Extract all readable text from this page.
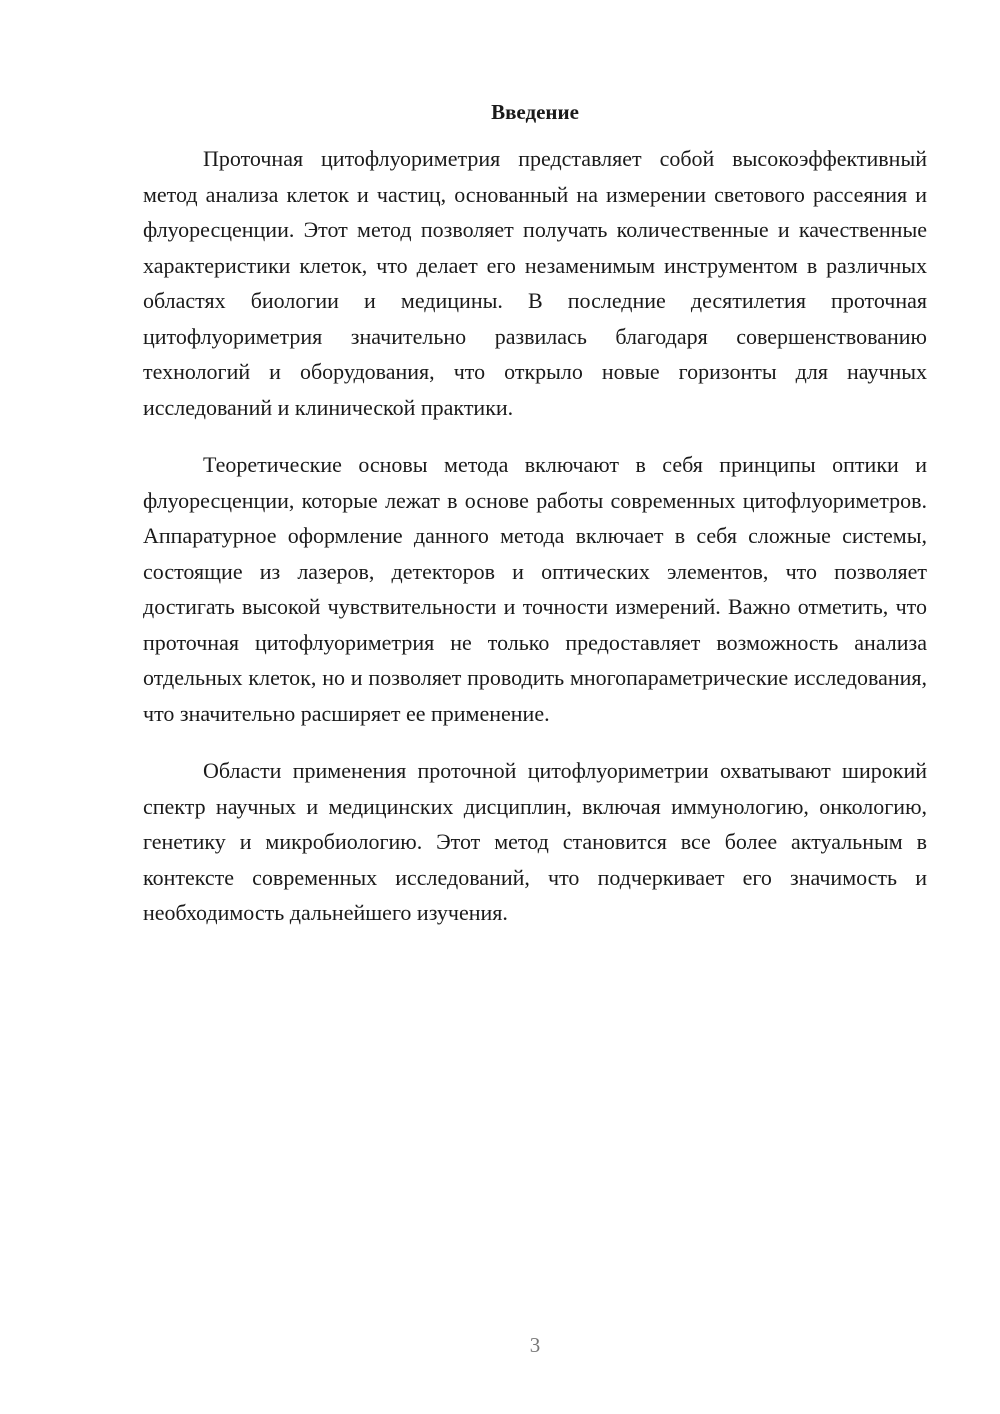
Введение

Проточная цитофлуориметрия представляет собой высокоэффективный метод анализа клеток и частиц, основанный на измерении светового рассеяния и флуоресценции. Этот метод позволяет получать количественные и качественные характеристики клеток, что делает его незаменимым инструментом в различных областях биологии и медицины. В последние десятилетия проточная цитофлуориметрия значительно развилась благодаря совершенствованию технологий и оборудования, что открыло новые горизонты для научных исследований и клинической практики.

Теоретические основы метода включают в себя принципы оптики и флуоресценции, которые лежат в основе работы современных цитофлуориметров. Аппаратурное оформление данного метода включает в себя сложные системы, состоящие из лазеров, детекторов и оптических элементов, что позволяет достигать высокой чувствительности и точности измерений. Важно отметить, что проточная цитофлуориметрия не только предоставляет возможность анализа отдельных клеток, но и позволяет проводить многопараметрические исследования, что значительно расширяет ее применение.

Области применения проточной цитофлуориметрии охватывают широкий спектр научных и медицинских дисциплин, включая иммунологию, онкологию, генетику и микробиологию. Этот метод становится все более актуальным в контексте современных исследований, что подчеркивает его значимость и необходимость дальнейшего изучения.

3
